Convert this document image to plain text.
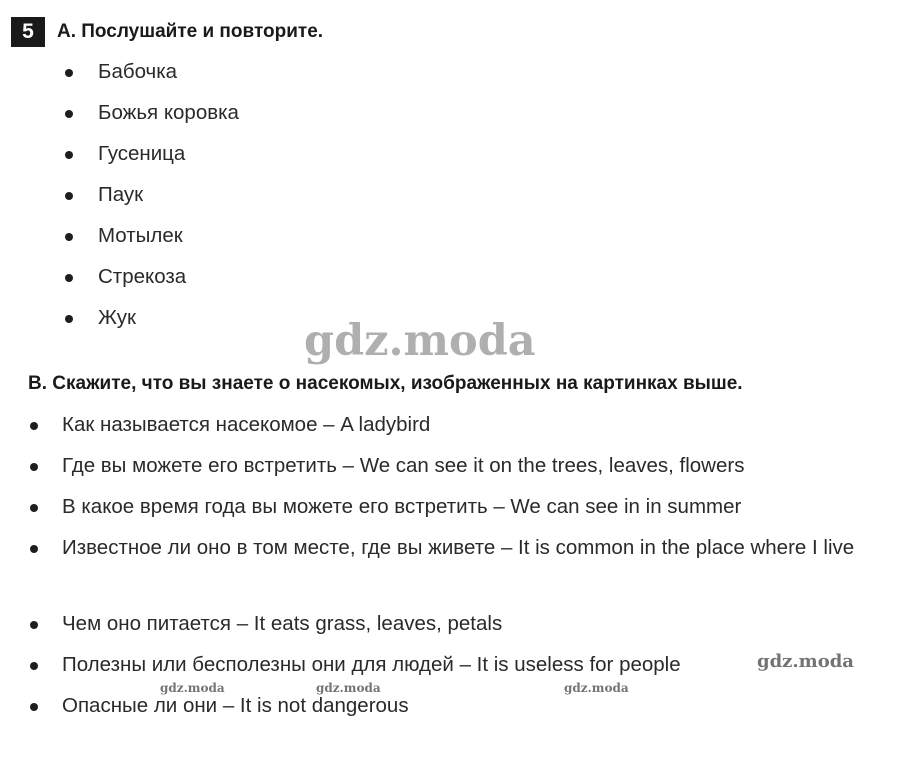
5	A. Послушайте и повторите.
Бабочка
Божья коровка
Гусеница
Паук
Мотылек
Стрекоза
Жук	gdz.moda
B. Скажите, что вы знаете о насекомых, изображенных на картинках выше.
Как называется насекомое – A ladybird
Где вы можете его встретить – We can see it on the trees, leaves, flowers
В какое время года вы можете его встретить – We can see in in summer
Известное ли оно в том месте, где вы живете – It is common in the place where I live
Чем оно питается – It eats grass, leaves, petals
Полезны или бесполезны они для людей – It is useless for people
Опасные ли они – It is not dangerous
gdz.moda
gdz.moda	gdz.moda	gdz.moda
